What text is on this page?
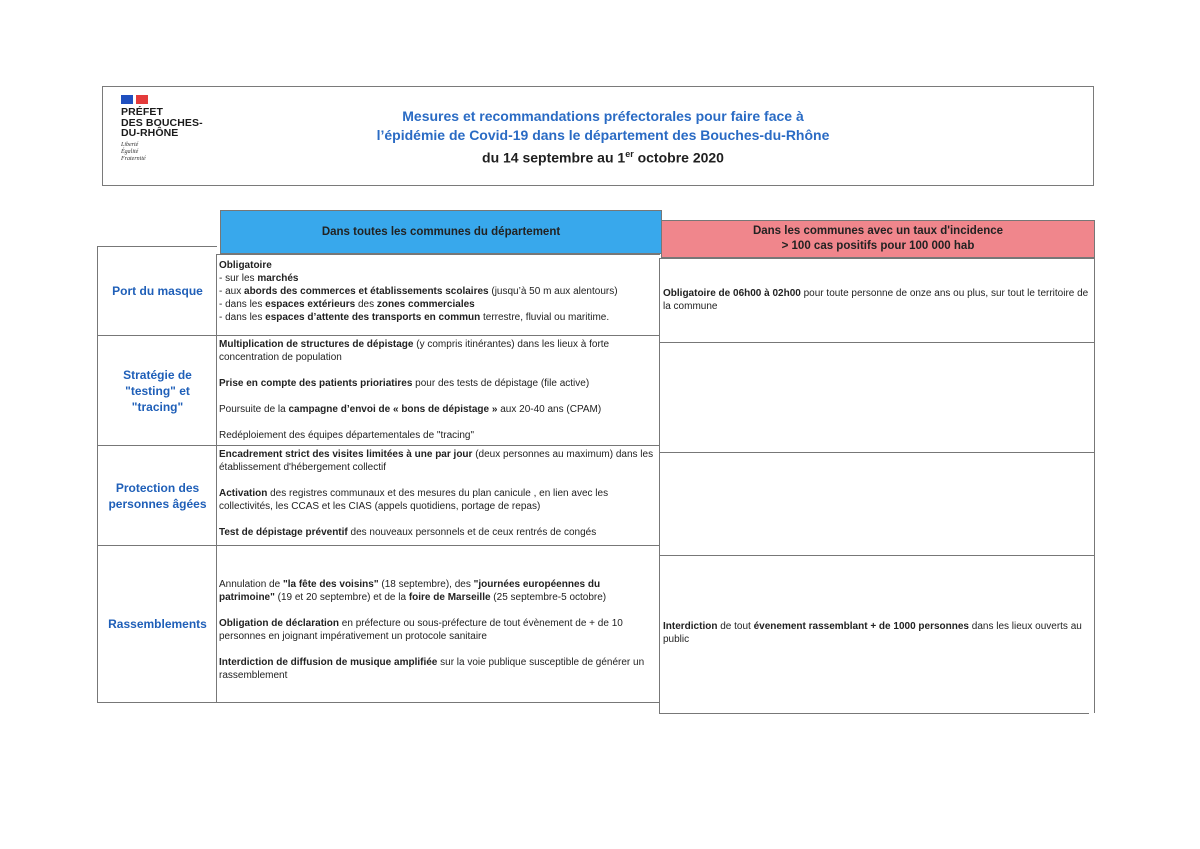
PRÉFET
DES BOUCHES-
DU-RHÔNE
Liberté
Égalité
Fraternité
Mesures et recommandations préfectorales pour faire face à
l’épidémie de Covid-19 dans le département des Bouches-du-Rhône
du 14 septembre au 1er octobre 2020
Dans toutes les communes du département	Dans les communes avec un taux d'incidence
> 100 cas positifs pour 100 000 hab
Port du masque

Obligatoire

- sur les marchés

- aux abords des commerces et établissements scolaires (jusqu’à 50 m aux alentours)

- dans les espaces extérieurs des zones commerciales

- dans les espaces d’attente des transports en commun terrestre, fluvial ou maritime.

Obligatoire de 06h00 à 02h00 pour toute personne de onze ans ou plus, sur tout le territoire de la commune

Stratégie de "testing" et "tracing"

Multiplication de structures de dépistage (y compris itinérantes) dans les lieux à forte concentration de population

Prise en compte des patients prioriatires pour des tests de dépistage (file active)

Poursuite de la campagne d’envoi de « bons de dépistage » aux 20-40 ans (CPAM)

Redéploiement des équipes départementales de "tracing"

Protection des personnes âgées

Encadrement strict des visites limitées à une par jour (deux personnes au maximum) dans les établissement d'hébergement collectif

Activation des registres communaux et des mesures du plan canicule , en lien avec les collectivités, les CCAS et les CIAS (appels quotidiens, portage de repas)

Test de dépistage préventif des nouveaux personnels et de ceux rentrés de congés

Rassemblements

Annulation de "la fête des voisins" (18 septembre), des "journées européennes du patrimoine" (19 et 20 septembre) et de la foire de Marseille (25 septembre-5 octobre)

Obligation de déclaration en préfecture ou sous-préfecture de tout évènement de + de 10 personnes en joignant impérativement un protocole sanitaire

Interdiction de diffusion de musique amplifiée sur la voie publique susceptible de générer un rassemblement

Interdiction de tout évenement rassemblant + de 1000 personnes dans les lieux ouverts au public
